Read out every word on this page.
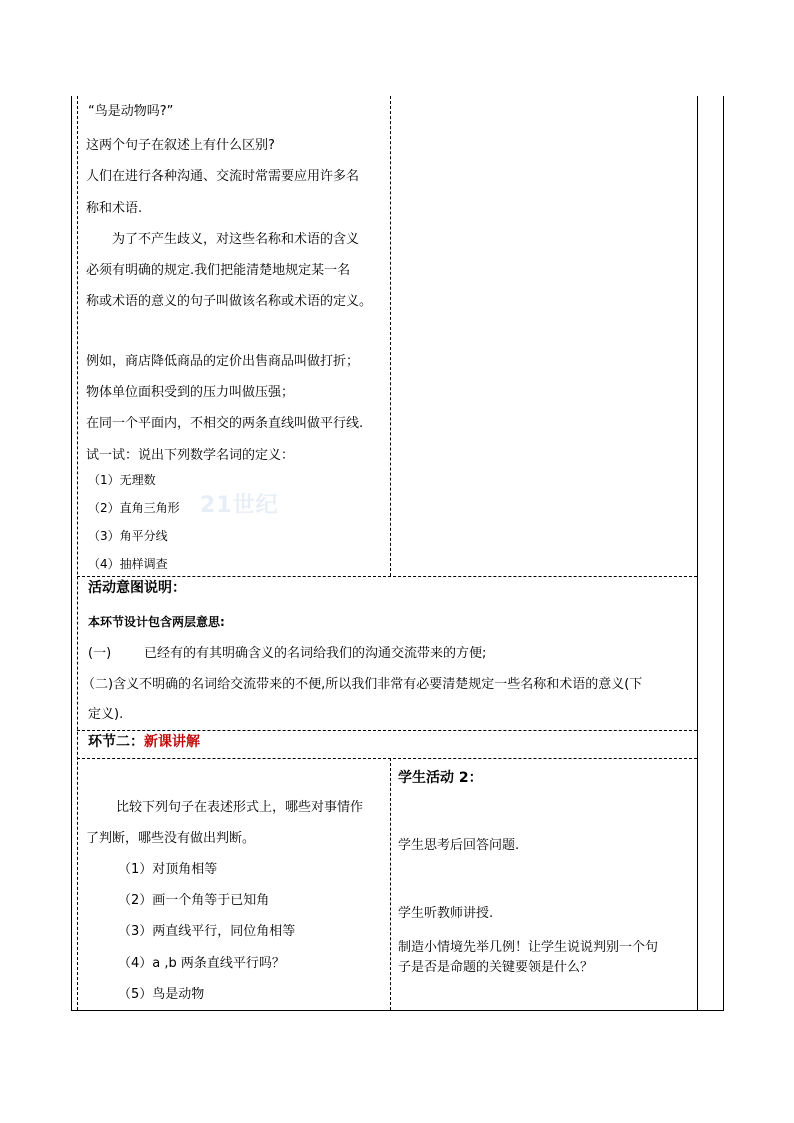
21世纪
“鸟是动物吗?”
这两个句子在叙述上有什么区别?
人们在进行各种沟通、交流时常需要应用许多名
称和术语.
为了不产生歧义，对这些名称和术语的含义
必须有明确的规定.我们把能清楚地规定某一名
称或术语的意义的句子叫做该名称或术语的定义。
例如，商店降低商品的定价出售商品叫做打折；
物体单位面积受到的压力叫做压强；
在同一个平面内，不相交的两条直线叫做平行线.
试一试：说出下列数学名词的定义：
（1）无理数
（2）直角三角形
（3）角平分线
（4）抽样调查
活动意图说明：
本环节设计包含两层意思:
(一)	已经有的有其明确含义的名词给我们的沟通交流带来的方便;
（二)含义不明确的名词给交流带来的不便,所以我们非常有必要清楚规定一些名称和术语的意义(下
定义).
环节二：新课讲解
比较下列句子在表述形式上，哪些对事情作
了判断，哪些没有做出判断。
（1）对顶角相等
（2）画一个角等于已知角
（3）两直线平行，同位角相等
（4）a ,b 两条直线平行吗？
（5）鸟是动物
学生活动 2：
学生思考后回答问题.
学生听教师讲授.
制造小情境先举几例！让学生说说判别一个句
子是否是命题的关键要领是什么？
